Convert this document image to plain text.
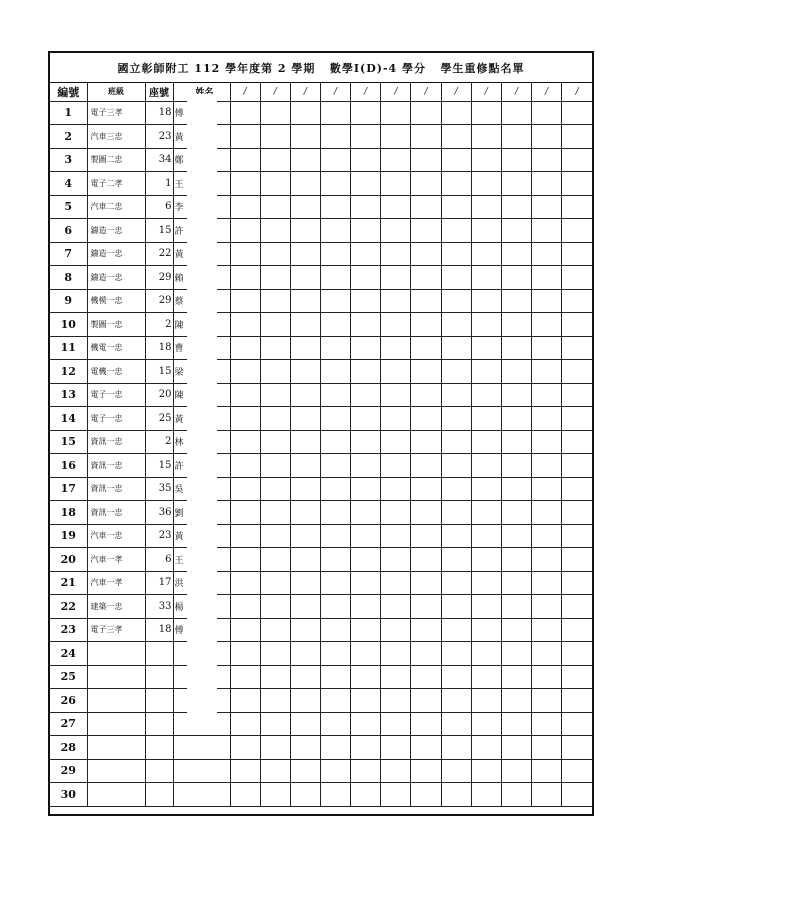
國立彰師附工 112 學年度第 2 學期   數學Ⅰ(D)-4 學分   學生重修點名單
編號	班級	座號		/	/	/	/	/	/	/	/	/	/	/	/
1	電子三孝	18	傅												
2	汽車三忠	23	黃												
3	製圖二忠	34	鄭												
4	電子二孝	1	王												
5	汽車二忠	6	李												
6	鑄造一忠	15	許												
7	鑄造一忠	22	黃												
8	鑄造一忠	29	賴												
9	機模一忠	29	蔡												
10	製圖一忠	2	陳												
11	機電一忠	18	曹												
12	電機一忠	15	梁												
13	電子一忠	20	陳												
14	電子一忠	25	黃												
15	資訊一忠	2	林												
16	資訊一忠	15	許												
17	資訊一忠	35	吳												
18	資訊一忠	36	劉												
19	汽車一忠	23	黃												
20	汽車一孝	6	王												
21	汽車一孝	17	洪												
22	建築一忠	33	楊												
23	電子三孝	18	傅												
24															
25															
26															
27															
28															
29															
30															
